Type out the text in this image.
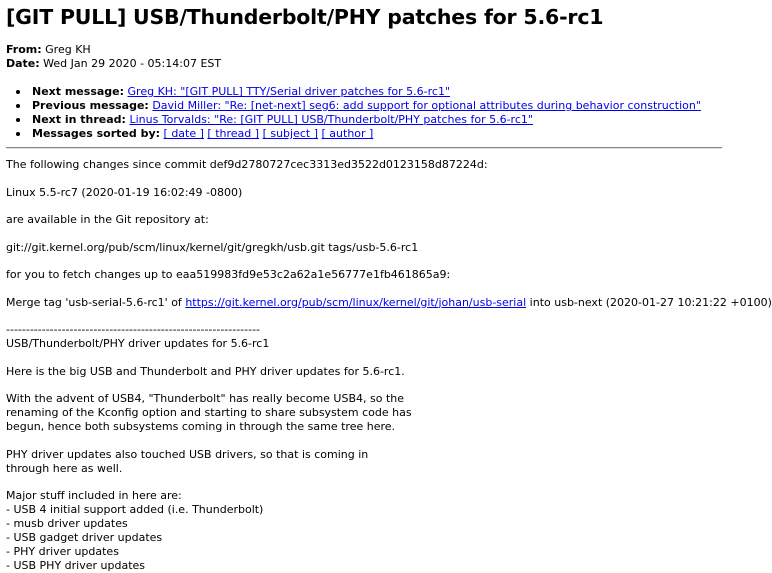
[GIT PULL] USB/Thunderbolt/PHY patches for 5.6-rc1
From: Greg KH
Date: Wed Jan 29 2020 - 05:14:07 EST
Next message: Greg KH: "[GIT PULL] TTY/Serial driver patches for 5.6-rc1"
Previous message: David Miller: "Re: [net-next] seg6: add support for optional attributes during behavior construction"
Next in thread: Linus Torvalds: "Re: [GIT PULL] USB/Thunderbolt/PHY patches for 5.6-rc1"
Messages sorted by: [ date ] [ thread ] [ subject ] [ author ]

The following changes since commit def9d2780727cec3313ed3522d0123158d87224d:

Linux 5.5-rc7 (2020-01-19 16:02:49 -0800)

are available in the Git repository at:

git://git.kernel.org/pub/scm/linux/kernel/git/gregkh/usb.git tags/usb-5.6-rc1

for you to fetch changes up to eaa519983fd9e53c2a62a1e56777e1fb461865a9:

Merge tag 'usb-serial-5.6-rc1' of https://git.kernel.org/pub/scm/linux/kernel/git/johan/usb-serial into usb-next (2020-01-27 10:21:22 +0100)

----------------------------------------------------------------

USB/Thunderbolt/PHY driver updates for 5.6-rc1

Here is the big USB and Thunderbolt and PHY driver updates for 5.6-rc1.

With the advent of USB4, "Thunderbolt" has really become USB4, so the
renaming of the Kconfig option and starting to share subsystem code has
begun, hence both subsystems coming in through the same tree here.

PHY driver updates also touched USB drivers, so that is coming in
through here as well.

Major stuff included in here are:
- USB 4 initial support added (i.e. Thunderbolt)
- musb driver updates
- USB gadget driver updates
- PHY driver updates
- USB PHY driver updates
